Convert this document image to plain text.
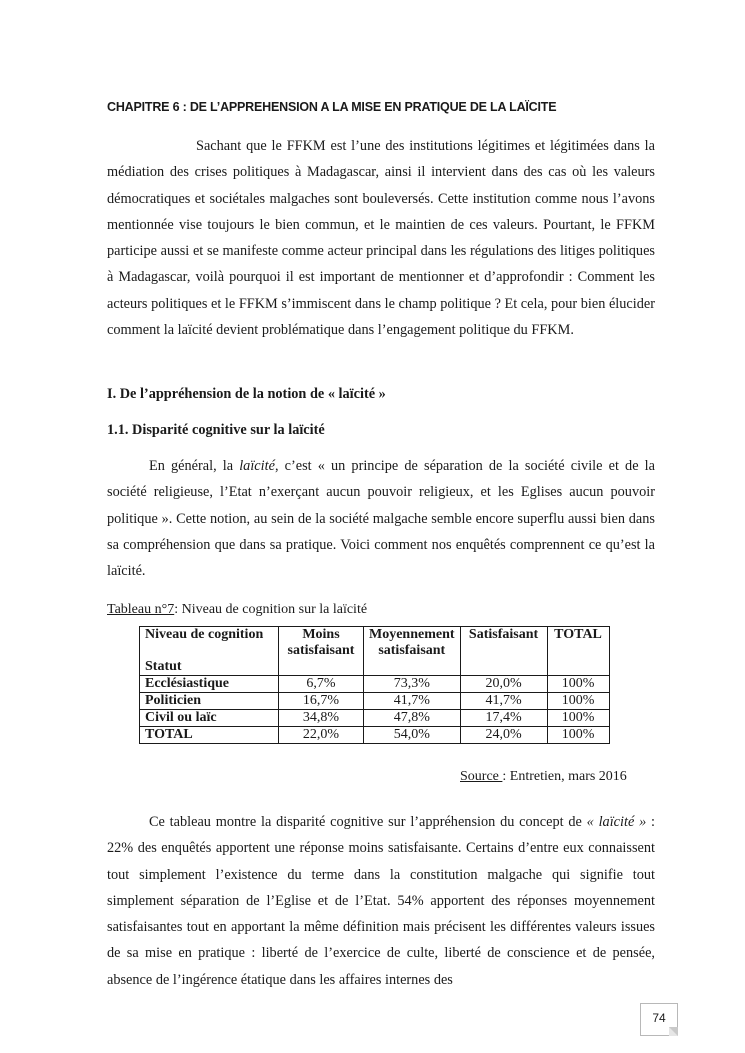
CHAPITRE 6 : DE L’APPREHENSION A LA MISE EN PRATIQUE DE LA LAÏCITE

Sachant que le FFKM est l’une des institutions légitimes et légitimées dans la médiation des crises politiques à Madagascar, ainsi il intervient dans des cas où les valeurs démocratiques et sociétales malgaches sont bouleversés. Cette institution comme nous l’avons mentionnée vise toujours le bien commun, et le maintien de ces valeurs. Pourtant, le FFKM participe aussi et se manifeste comme acteur principal dans les régulations des litiges politiques à Madagascar, voilà pourquoi il est important de mentionner et d’approfondir : Comment les acteurs politiques et le FFKM s’immiscent dans le champ politique ? Et cela, pour bien élucider comment la laïcité devient problématique dans l’engagement politique du FFKM.

I. De l’appréhension de la notion de « laïcité »

1.1. Disparité cognitive sur la laïcité

En général, la laïcité, c’est « un principe de séparation de la société civile et de la société religieuse, l’Etat n’exerçant aucun pouvoir religieux, et les Eglises aucun pouvoir politique ». Cette notion, au sein de la société malgache semble encore superflu aussi bien dans sa compréhension que dans sa pratique. Voici comment nos enquêtés comprennent ce qu’est la laïcité.

Tableau n°7: Niveau de cognition sur la laïcité

Niveau de cognition
Statut	Moins satisfaisant	Moyennement satisfaisant	Satisfaisant	TOTAL
Ecclésiastique	6,7%	73,3%	20,0%	100%
Politicien	16,7%	41,7%	41,7%	100%
Civil ou laïc	34,8%	47,8%	17,4%	100%
TOTAL	22,0%	54,0%	24,0%	100%

Source : Entretien, mars 2016

Ce tableau montre la disparité cognitive sur l’appréhension du concept de « laïcité » : 22% des enquêtés apportent une réponse moins satisfaisante. Certains d’entre eux connaissent tout simplement l’existence du terme dans la constitution malgache qui signifie tout simplement séparation de l’Eglise et de l’Etat. 54% apportent des réponses moyennement satisfaisantes tout en apportant la même définition mais précisent les différentes valeurs issues de sa mise en pratique : liberté de l’exercice de culte, liberté de conscience et de pensée, absence de l’ingérence étatique dans les affaires internes des

74
